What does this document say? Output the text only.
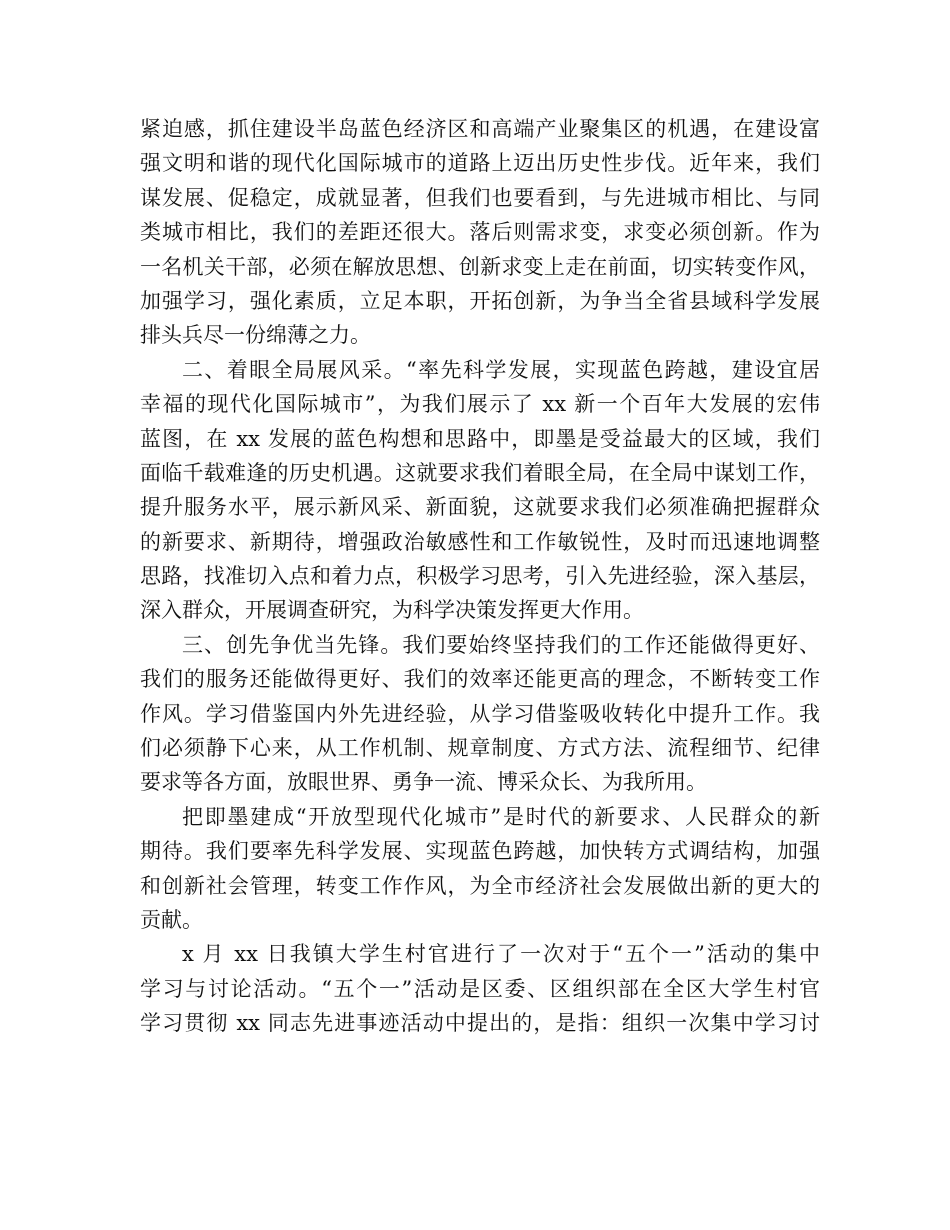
紧迫感，抓住建设半岛蓝色经济区和高端产业聚集区的机遇，在建设富
强文明和谐的现代化国际城市的道路上迈出历史性步伐。近年来，我们
谋发展、促稳定，成就显著，但我们也要看到，与先进城市相比、与同
类城市相比，我们的差距还很大。落后则需求变，求变必须创新。作为
一名机关干部，必须在解放思想、创新求变上走在前面，切实转变作风，
加强学习，强化素质，立足本职，开拓创新，为争当全省县域科学发展
排头兵尽一份绵薄之力。
二、着眼全局展风采。“率先科学发展，实现蓝色跨越，建设宜居
幸福的现代化国际城市”，为我们展示了 xx 新一个百年大发展的宏伟
蓝图，在 xx 发展的蓝色构想和思路中，即墨是受益最大的区域，我们
面临千载难逢的历史机遇。这就要求我们着眼全局，在全局中谋划工作，
提升服务水平，展示新风采、新面貌，这就要求我们必须准确把握群众
的新要求、新期待，增强政治敏感性和工作敏锐性，及时而迅速地调整
思路，找准切入点和着力点，积极学习思考，引入先进经验，深入基层，
深入群众，开展调查研究，为科学决策发挥更大作用。
三、创先争优当先锋。我们要始终坚持我们的工作还能做得更好、
我们的服务还能做得更好、我们的效率还能更高的理念，不断转变工作
作风。学习借鉴国内外先进经验，从学习借鉴吸收转化中提升工作。我
们必须静下心来，从工作机制、规章制度、方式方法、流程细节、纪律
要求等各方面，放眼世界、勇争一流、博采众长、为我所用。
把即墨建成“开放型现代化城市”是时代的新要求、人民群众的新
期待。我们要率先科学发展、实现蓝色跨越，加快转方式调结构，加强
和创新社会管理，转变工作作风，为全市经济社会发展做出新的更大的
贡献。
x 月 xx 日我镇大学生村官进行了一次对于“五个一”活动的集中
学习与讨论活动。“五个一”活动是区委、区组织部在全区大学生村官
学习贯彻 xx 同志先进事迹活动中提出的，是指：组织一次集中学习讨
